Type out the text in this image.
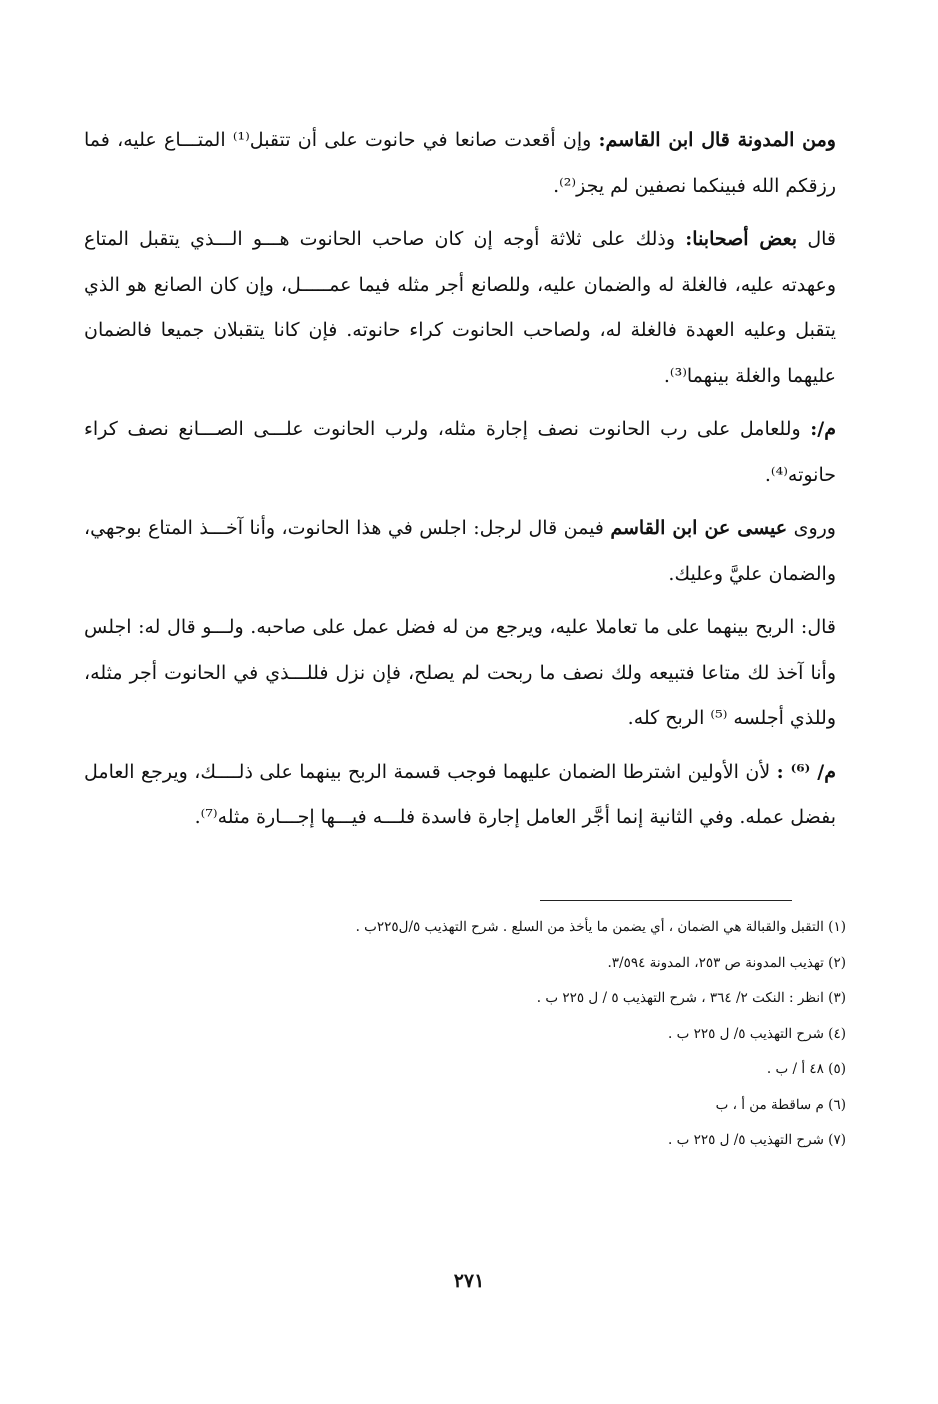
ومن المدونة قال ابن القاسم: وإن أقعدت صانعا في حانوت على أن تتقبل⁽¹⁾ المتـــاع عليه، فما رزقكم الله فبينكما نصفين لم يجز⁽²⁾.

قال بعض أصحابنا: وذلك على ثلاثة أوجه إن كان صاحب الحانوت هـــو الـــذي يتقبل المتاع وعهدته عليه، فالغلة له والضمان عليه، وللصانع أجر مثله فيما عمـــــل، وإن كان الصانع هو الذي يتقبل وعليه العهدة فالغلة له، ولصاحب الحانوت كراء حانوته. فإن كانا يتقبلان جميعا فالضمان عليهما والغلة بينهما⁽³⁾.

م/: وللعامل على رب الحانوت نصف إجارة مثله، ولرب الحانوت علـــى الصـــانع نصف كراء حانوته⁽⁴⁾.

وروى عيسى عن ابن القاسم فيمن قال لرجل: اجلس في هذا الحانوت، وأنا آخـــذ المتاع بوجهي، والضمان عليَّ وعليك.

قال: الربح بينهما على ما تعاملا عليه، ويرجع من له فضل عمل على صاحبه. ولـــو قال له: اجلس وأنا آخذ لك متاعا فتبيعه ولك نصف ما ربحت لم يصلح، فإن نزل فللـــذي في الحانوت أجر مثله، وللذي أجلسه ⁽⁵⁾ الربح كله.

م/ ⁽⁶⁾ : لأن الأولين اشترطا الضمان عليهما فوجب قسمة الربح بينهما على ذلــــك، ويرجع العامل بفضل عمله. وفي الثانية إنما أجَّر العامل إجارة فاسدة فلـــه فيـــها إجـــارة مثله⁽⁷⁾.

(١) التقبل والقبالة هي الضمان ، أي يضمن ما يأخذ من السلع . شرح التهذيب ٥/ل٢٢٥ب .
(٢) تهذيب المدونة ص ٢٥٣، المدونة ٣/٥٩٤.
(٣) انظر : النكت ٢/ ٣٦٤ ، شرح التهذيب ٥ / ل ٢٢٥ ب .
(٤) شرح التهذيب ٥/ ل ٢٢٥ ب .
(٥) ٤٨ أ / ب .
(٦) م ساقطة من أ ، ب
(٧) شرح التهذيب ٥/ ل ٢٢٥ ب .
٢٧١
